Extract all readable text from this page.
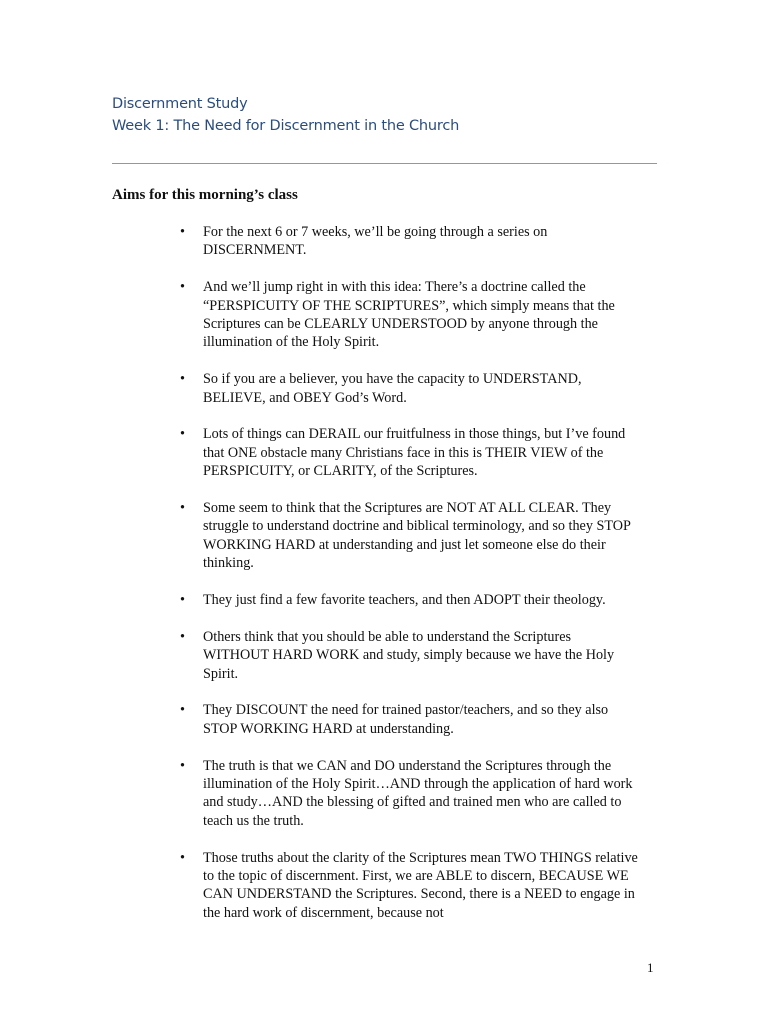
Discernment Study
Week 1: The Need for Discernment in the Church
Aims for this morning’s class
• For the next 6 or 7 weeks, we’ll be going through a series on DISCERNMENT.
• And we’ll jump right in with this idea: There’s a doctrine called the “PERSPICUITY OF THE SCRIPTURES”, which simply means that the Scriptures can be CLEARLY UNDERSTOOD by anyone through the illumination of the Holy Spirit.
• So if you are a believer, you have the capacity to UNDERSTAND, BELIEVE, and OBEY God’s Word.
• Lots of things can DERAIL our fruitfulness in those things, but I’ve found that ONE obstacle many Christians face in this is THEIR VIEW of the PERSPICUITY, or CLARITY, of the Scriptures.
• Some seem to think that the Scriptures are NOT AT ALL CLEAR. They struggle to understand doctrine and biblical terminology, and so they STOP WORKING HARD at understanding and just let someone else do their thinking.
• They just find a few favorite teachers, and then ADOPT their theology.
• Others think that you should be able to understand the Scriptures WITHOUT HARD WORK and study, simply because we have the Holy Spirit.
• They DISCOUNT the need for trained pastor/teachers, and so they also STOP WORKING HARD at understanding.
• The truth is that we CAN and DO understand the Scriptures through the illumination of the Holy Spirit…AND through the application of hard work and study…AND the blessing of gifted and trained men who are called to teach us the truth.
• Those truths about the clarity of the Scriptures mean TWO THINGS relative to the topic of discernment. First, we are ABLE to discern, BECAUSE WE CAN UNDERSTAND the Scriptures. Second, there is a NEED to engage in the hard work of discernment, because not
1
